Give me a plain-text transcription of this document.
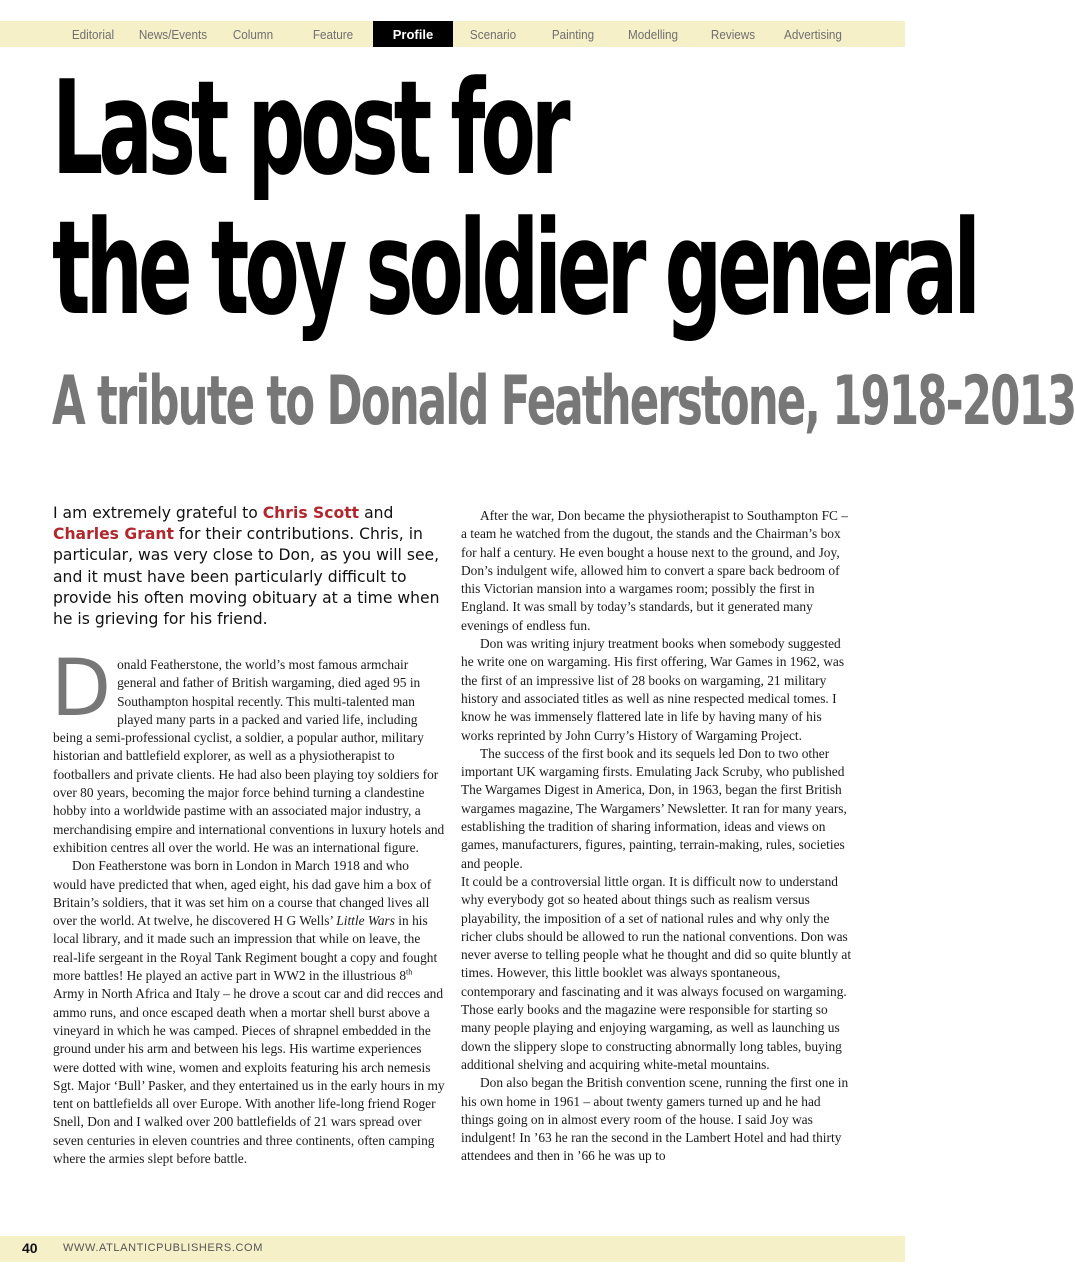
Editorial	News/Events	Column	Feature	Profile	Scenario	Painting	Modelling	Reviews	Advertising
Last post for
the toy soldier general
A tribute to Donald Featherstone, 1918-2013
I am extremely grateful to Chris Scott and Charles Grant for their contributions. Chris, in particular, was very close to Don, as you will see, and it must have been particularly difficult to provide his often moving obituary at a time when he is grieving for his friend.

Donald Featherstone, the world’s most famous armchair general and father of British wargaming, died aged 95 in Southampton hospital recently. This multi-talented man played many parts in a packed and varied life, including being a semi-professional cyclist, a soldier, a popular author, military historian and battlefield explorer, as well as a physiotherapist to footballers and private clients. He had also been playing toy soldiers for over 80 years, becoming the major force behind turning a clandestine hobby into a worldwide pastime with an associated major industry, a merchandising empire and international conventions in luxury hotels and exhibition centres all over the world. He was an international figure.

Don Featherstone was born in London in March 1918 and who would have predicted that when, aged eight, his dad gave him a box of Britain’s soldiers, that it was set him on a course that changed lives all over the world. At twelve, he discovered H G Wells’ Little Wars in his local library, and it made such an impression that while on leave, the real-life sergeant in the Royal Tank Regiment bought a copy and fought more battles! He played an active part in WW2 in the illustrious 8th Army in North Africa and Italy – he drove a scout car and did recces and ammo runs, and once escaped death when a mortar shell burst above a vineyard in which he was camped. Pieces of shrapnel embedded in the ground under his arm and between his legs. His wartime experiences were dotted with wine, women and exploits featuring his arch nemesis Sgt. Major ‘Bull’ Pasker, and they entertained us in the early hours in my tent on battlefields all over Europe. With another life-long friend Roger Snell, Don and I walked over 200 battlefields of 21 wars spread over seven centuries in eleven countries and three continents, often camping where the armies slept before battle.

After the war, Don became the physiotherapist to Southampton FC – a team he watched from the dugout, the stands and the Chairman’s box for half a century. He even bought a house next to the ground, and Joy, Don’s indulgent wife, allowed him to convert a spare back bedroom of this Victorian mansion into a wargames room; possibly the first in England. It was small by today’s standards, but it generated many evenings of endless fun.

Don was writing injury treatment books when somebody suggested he write one on wargaming. His first offering, War Games in 1962, was the first of an impressive list of 28 books on wargaming, 21 military history and associated titles as well as nine respected medical tomes. I know he was immensely flattered late in life by having many of his works reprinted by John Curry’s History of Wargaming Project.

The success of the first book and its sequels led Don to two other important UK wargaming firsts. Emulating Jack Scruby, who published The Wargames Digest in America, Don, in 1963, began the first British wargames magazine, The Wargamers’ Newsletter. It ran for many years, establishing the tradition of sharing information, ideas and views on games, manufacturers, figures, painting, terrain-making, rules, societies and people.

It could be a controversial little organ. It is difficult now to understand why everybody got so heated about things such as realism versus playability, the imposition of a set of national rules and why only the richer clubs should be allowed to run the national conventions. Don was never averse to telling people what he thought and did so quite bluntly at times. However, this little booklet was always spontaneous, contemporary and fascinating and it was always focused on wargaming. Those early books and the magazine were responsible for starting so many people playing and enjoying wargaming, as well as launching us down the slippery slope to constructing abnormally long tables, buying additional shelving and acquiring white-metal mountains.

Don also began the British convention scene, running the first one in his own home in 1961 – about twenty gamers turned up and he had things going on in almost every room of the house. I said Joy was indulgent! In ’63 he ran the second in the Lambert Hotel and had thirty attendees and then in ’66 he was up to

40 WWW.ATLANTICPUBLISHERS.COM
